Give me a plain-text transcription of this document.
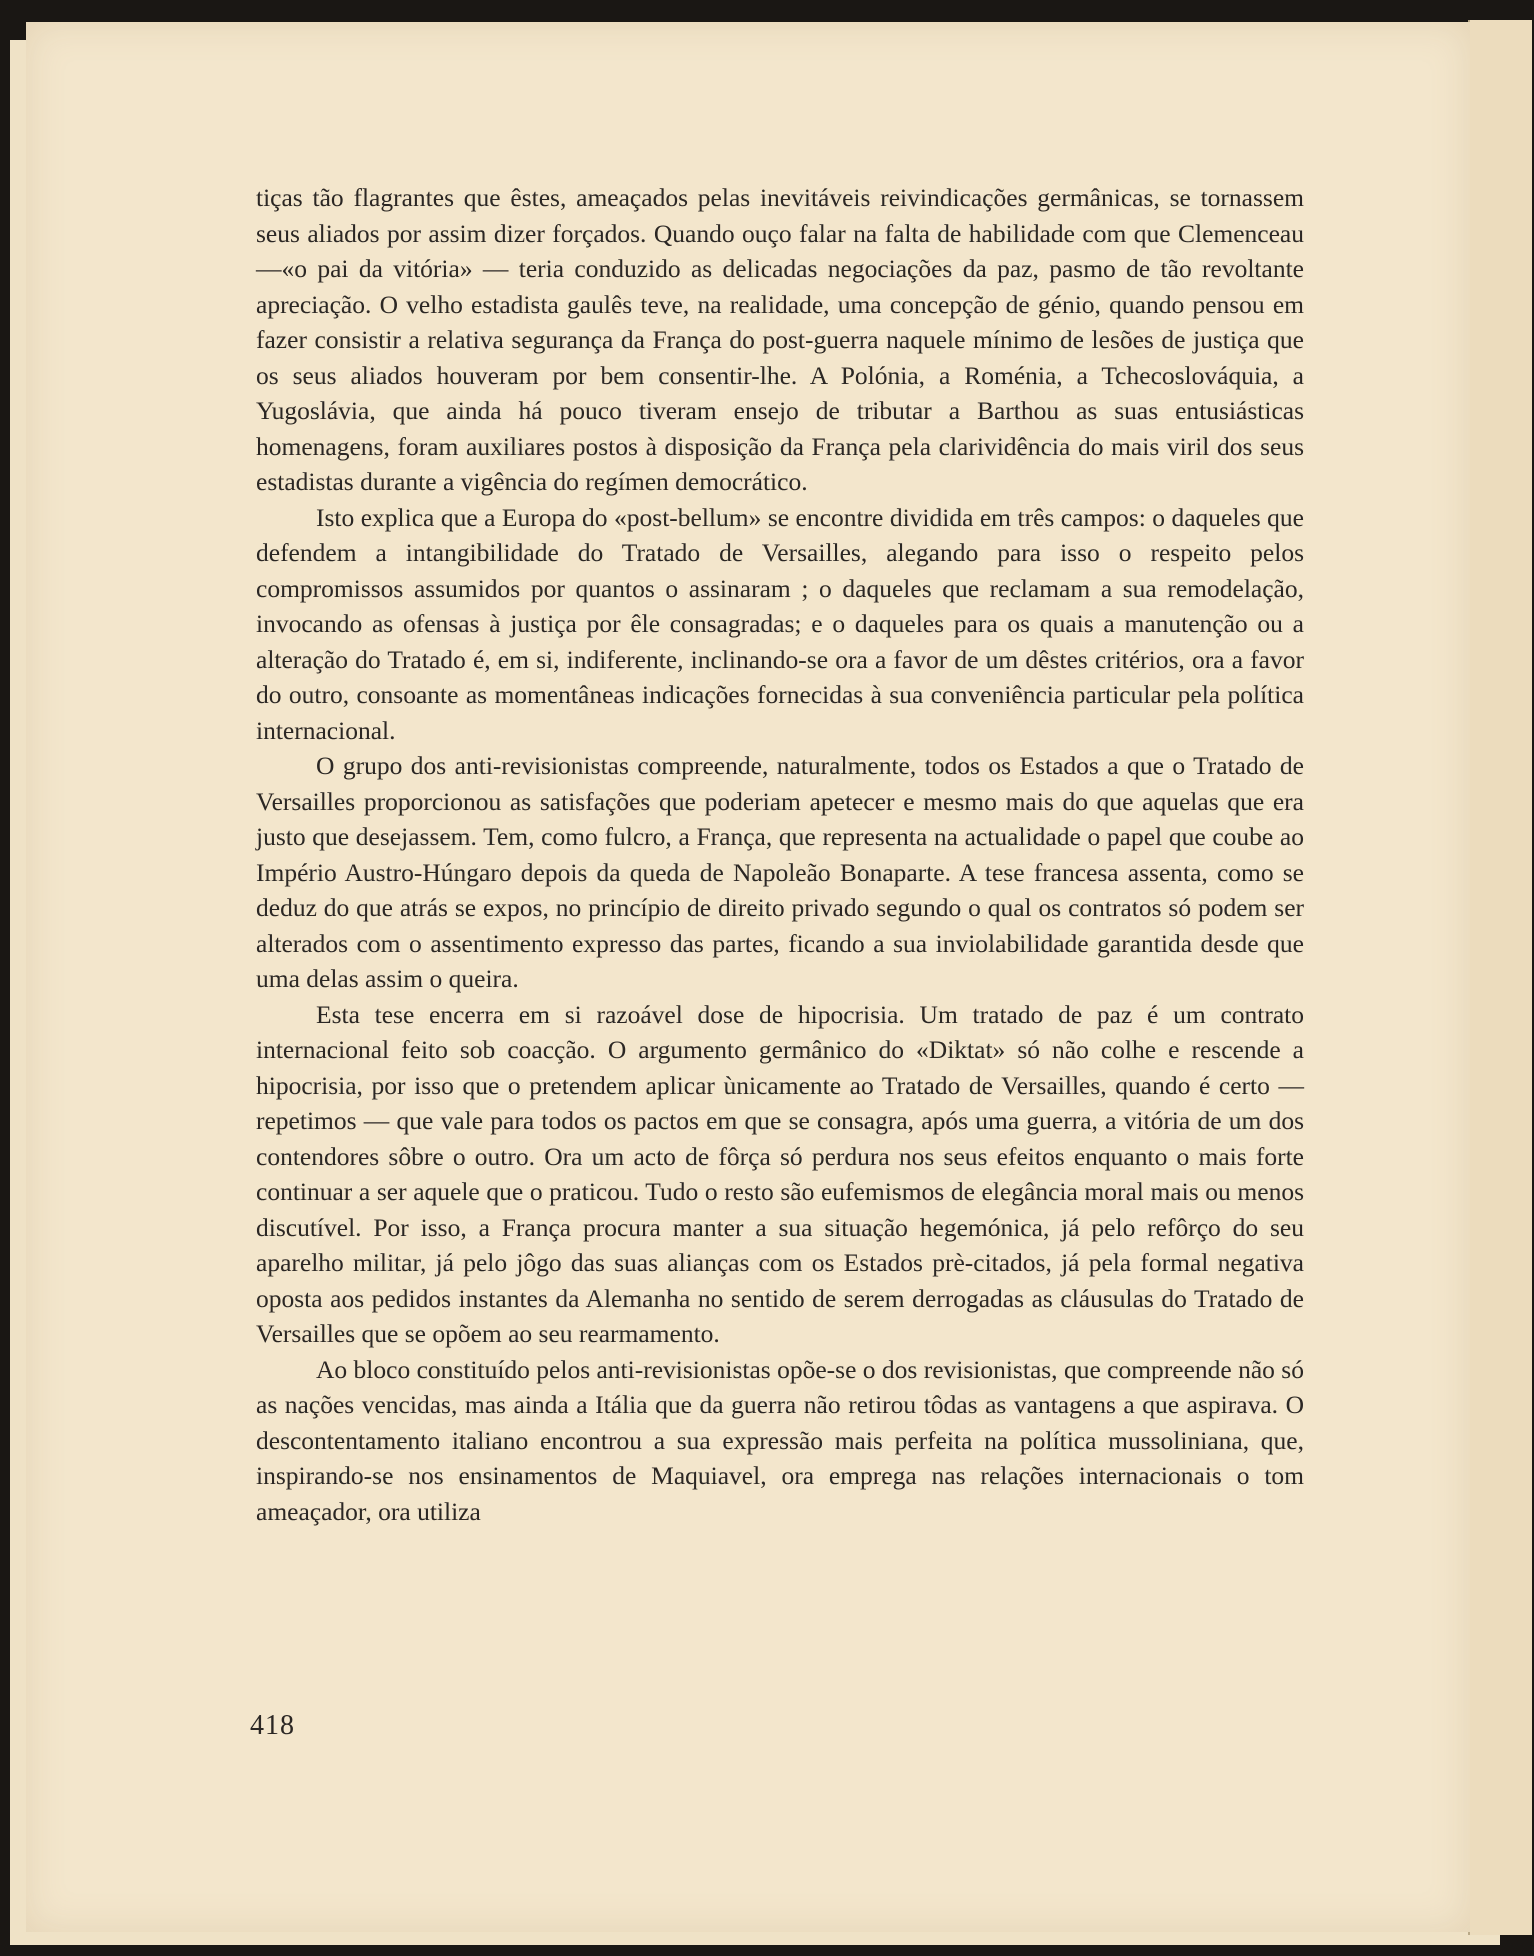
tiças tão flagrantes que êstes, ameaçados pelas inevitáveis reivindicações germânicas, se tornassem seus aliados por assim dizer forçados. Quando ouço falar na falta de habilidade com que Clemenceau—«o pai da vitória» — teria conduzido as delicadas negociações da paz, pasmo de tão revoltante apreciação. O velho estadista gaulês teve, na realidade, uma concepção de génio, quando pensou em fazer consistir a relativa segurança da França do post-guerra naquele mínimo de lesões de justiça que os seus aliados houveram por bem consentir-lhe. A Polónia, a Roménia, a Tchecoslováquia, a Yugoslávia, que ainda há pouco tiveram ensejo de tributar a Barthou as suas entusiásticas homenagens, foram auxiliares postos à disposição da França pela clarividência do mais viril dos seus estadistas durante a vigência do regímen democrático.

Isto explica que a Europa do «post-bellum» se encontre dividida em três campos: o daqueles que defendem a intangibilidade do Tratado de Versailles, alegando para isso o respeito pelos compromissos assumidos por quantos o assinaram ; o daqueles que reclamam a sua remodelação, invocando as ofensas à justiça por êle consagradas; e o daqueles para os quais a manutenção ou a alteração do Tratado é, em si, indiferente, inclinando-se ora a favor de um dêstes critérios, ora a favor do outro, consoante as momentâneas indicações fornecidas à sua conveniência particular pela política internacional.

O grupo dos anti-revisionistas compreende, naturalmente, todos os Estados a que o Tratado de Versailles proporcionou as satisfações que poderiam apetecer e mesmo mais do que aquelas que era justo que desejassem. Tem, como fulcro, a França, que representa na actualidade o papel que coube ao Império Austro-Húngaro depois da queda de Napoleão Bonaparte. A tese francesa assenta, como se deduz do que atrás se expos, no princípio de direito privado segundo o qual os contratos só podem ser alterados com o assentimento expresso das partes, ficando a sua inviolabilidade garantida desde que uma delas assim o queira.

Esta tese encerra em si razoável dose de hipocrisia. Um tratado de paz é um contrato internacional feito sob coacção. O argumento germânico do «Diktat» só não colhe e rescende a hipocrisia, por isso que o pretendem aplicar ùnicamente ao Tratado de Versailles, quando é certo — repetimos — que vale para todos os pactos em que se consagra, após uma guerra, a vitória de um dos contendores sôbre o outro. Ora um acto de fôrça só perdura nos seus efeitos enquanto o mais forte continuar a ser aquele que o praticou. Tudo o resto são eufemismos de elegância moral mais ou menos discutível. Por isso, a França procura manter a sua situação hegemónica, já pelo refôrço do seu aparelho militar, já pelo jôgo das suas alianças com os Estados prè-citados, já pela formal negativa oposta aos pedidos instantes da Alemanha no sentido de serem derrogadas as cláusulas do Tratado de Versailles que se opõem ao seu rearmamento.

Ao bloco constituído pelos anti-revisionistas opõe-se o dos revisionistas, que compreende não só as nações vencidas, mas ainda a Itália que da guerra não retirou tôdas as vantagens a que aspirava. O descontentamento italiano encontrou a sua expressão mais perfeita na política mussoliniana, que, inspirando-se nos ensinamentos de Maquiavel, ora emprega nas relações internacionais o tom ameaçador, ora utiliza

418
